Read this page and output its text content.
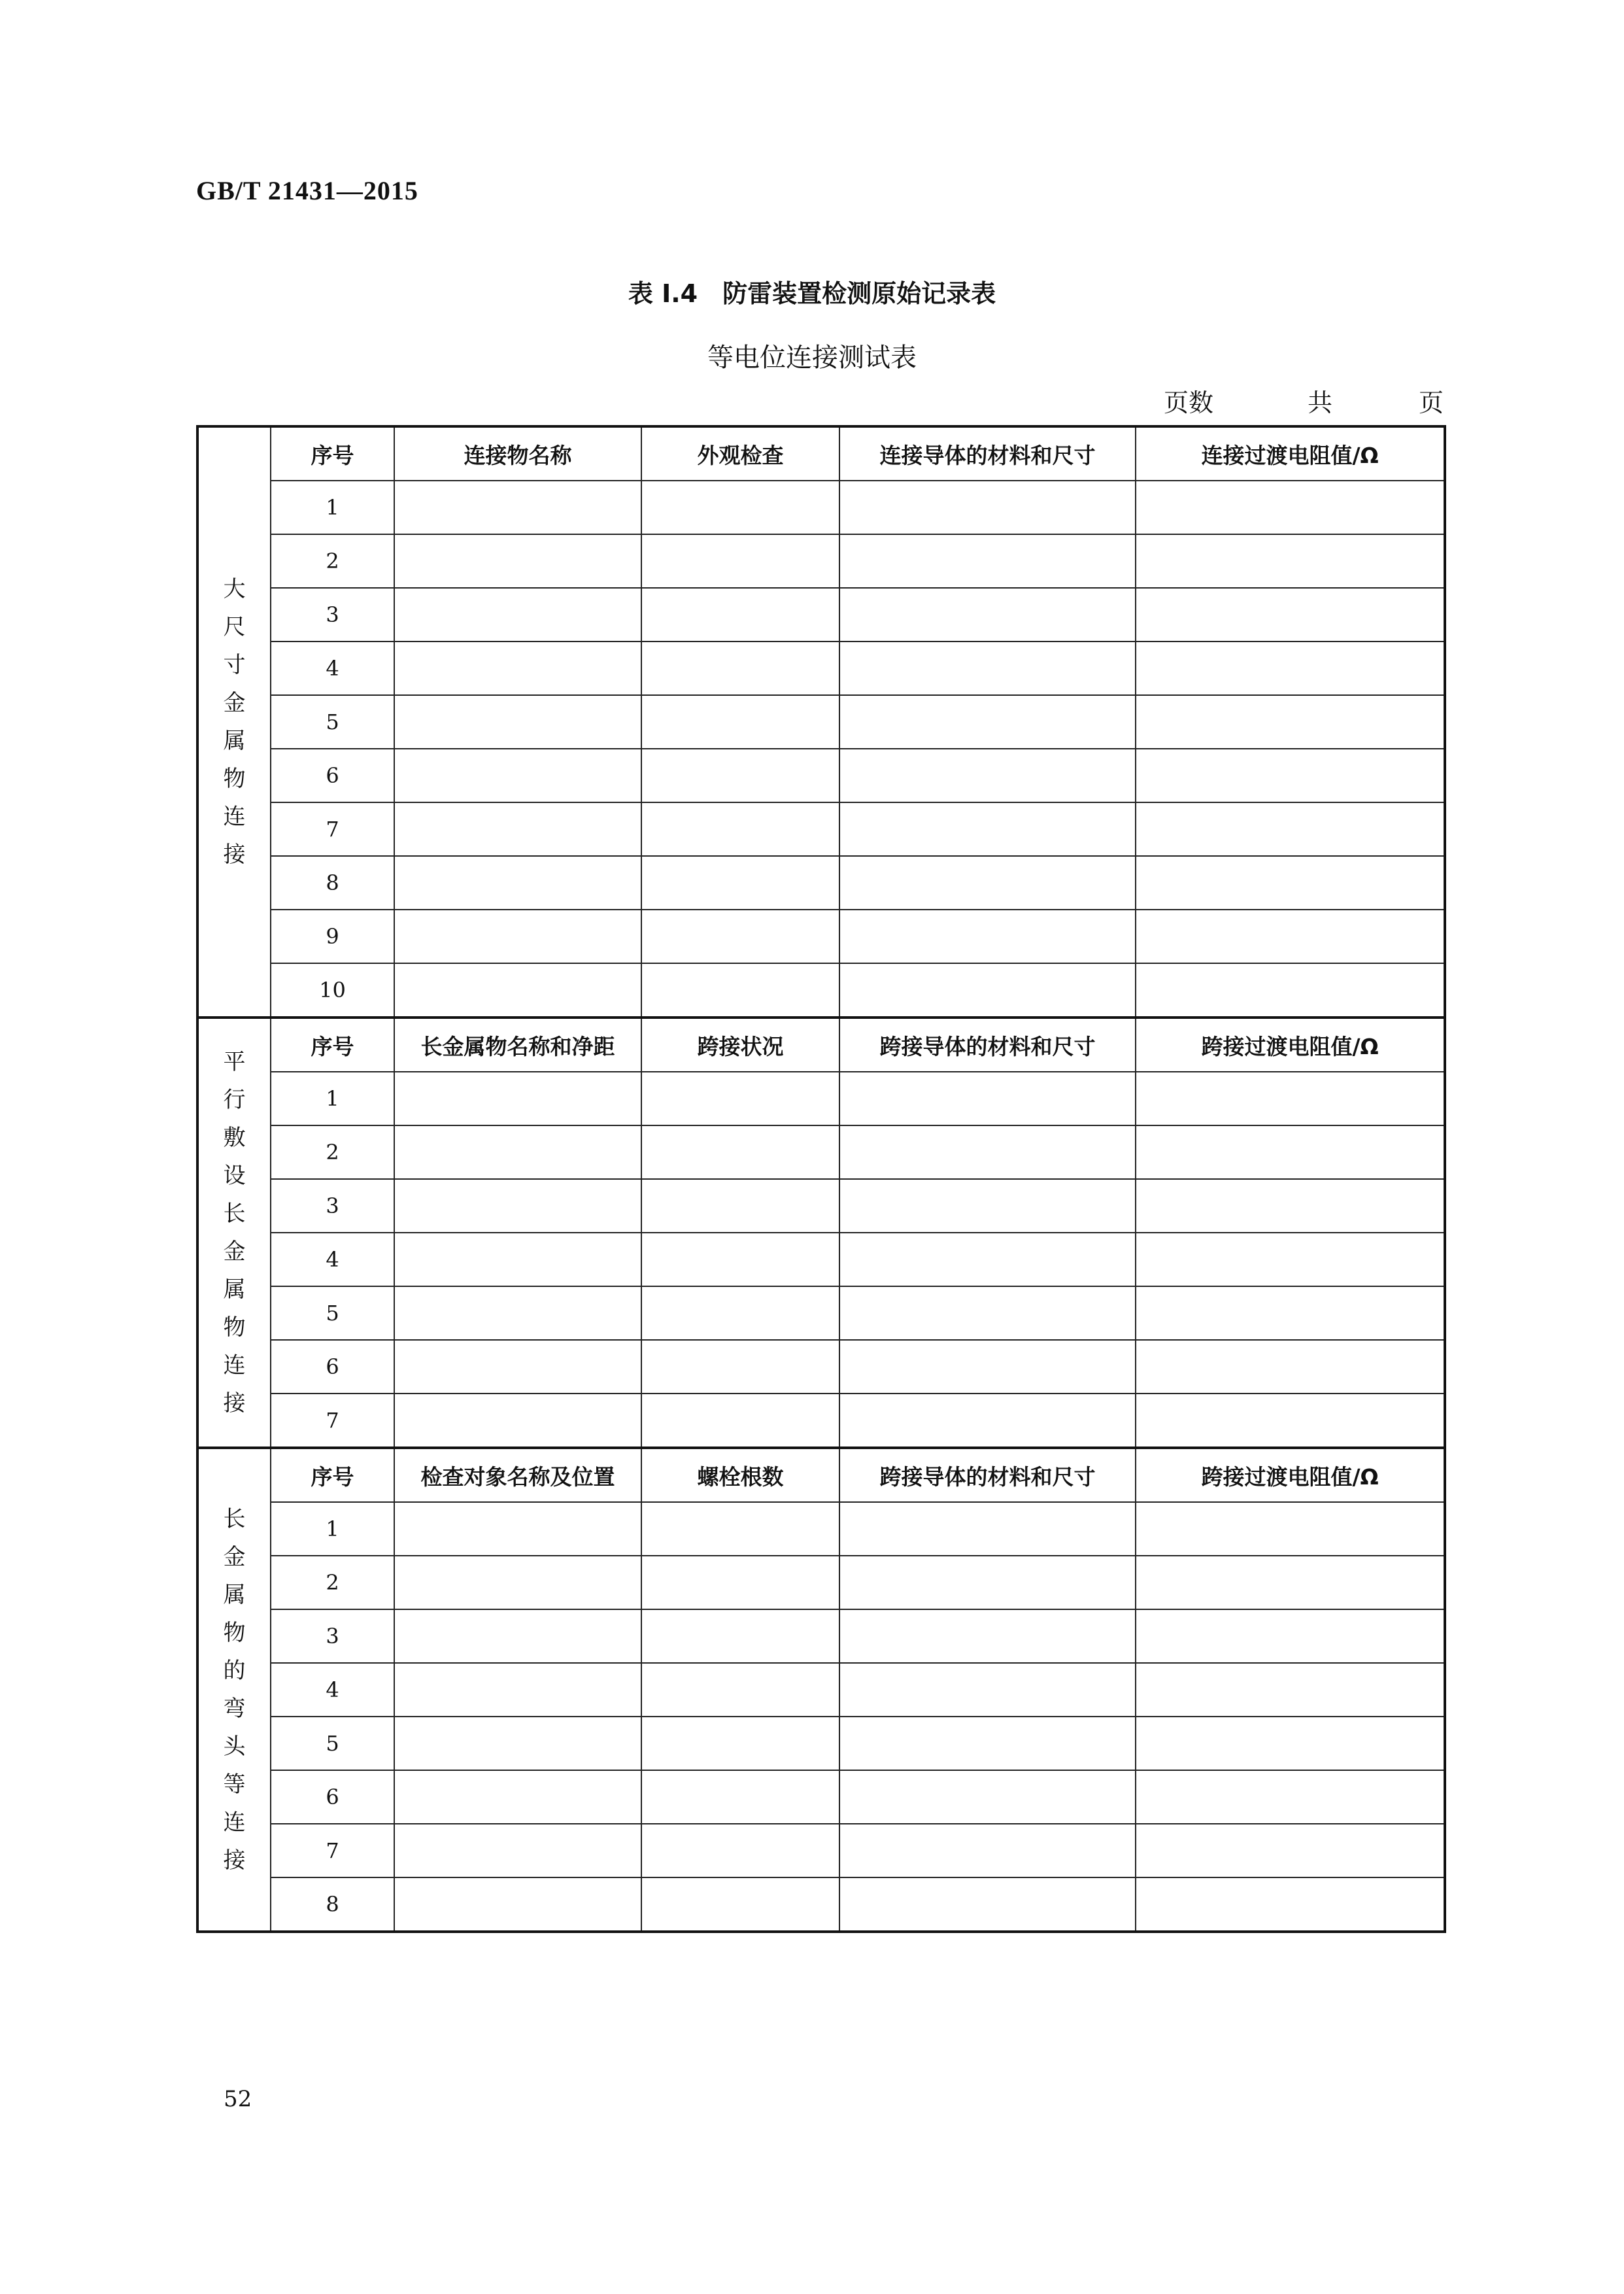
GB/T 21431—2015
表 I.4　防雷装置检测原始记录表
等电位连接测试表
页数	共	页
大尺寸金属物连接	序号	连接物名称	外观检查	连接导体的材料和尺寸	连接过渡电阻值/Ω
	1				
	2				
	3				
	4				
	5				
	6				
	7				
	8				
	9				
	10				
平行敷设长金属物连接	序号	长金属物名称和净距	跨接状况	跨接导体的材料和尺寸	跨接过渡电阻值/Ω
	1				
	2				
	3				
	4				
	5				
	6				
	7				
长金属物的弯头等连接	序号	检查对象名称及位置	螺栓根数	跨接导体的材料和尺寸	跨接过渡电阻值/Ω
	1				
	2				
	3				
	4				
	5				
	6				
	7				
	8				
52
